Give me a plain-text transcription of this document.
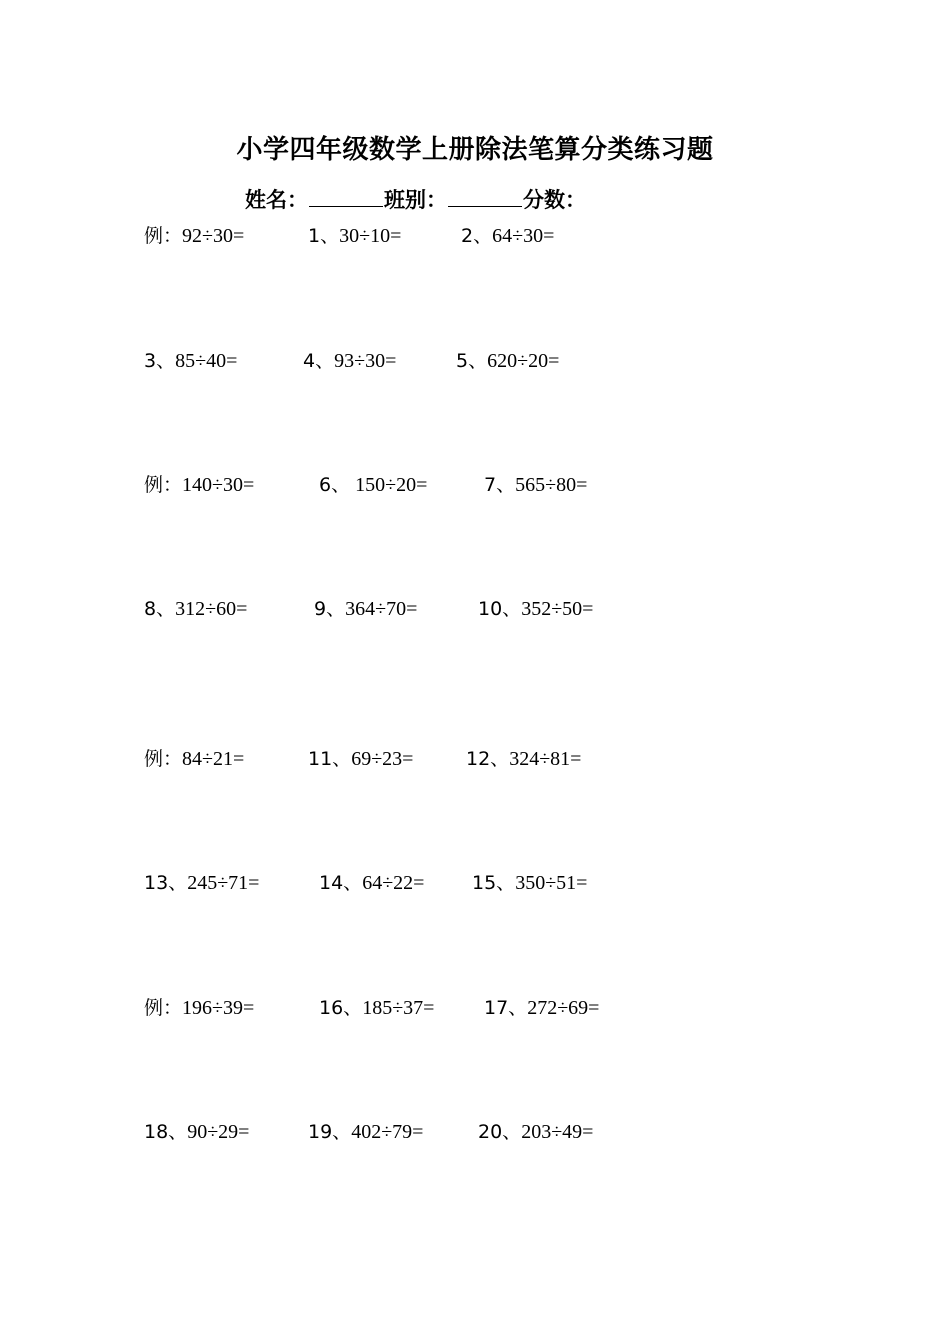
小学四年级数学上册除法笔算分类练习题
姓名：	班别：	分数：
例：92÷30=	1、30÷10=	2、64÷30=
3、85÷40=	4、93÷30=	5、620÷20=
例：140÷30=	6、 150÷20=	7、565÷80=
8、312÷60=	9、364÷70=	10、352÷50=
例：84÷21=	11、69÷23=	12、324÷81=
13、245÷71=	14、64÷22=	15、350÷51=
例：196÷39=	16、185÷37=	17、272÷69=
18、90÷29=	19、402÷79=	20、203÷49=
